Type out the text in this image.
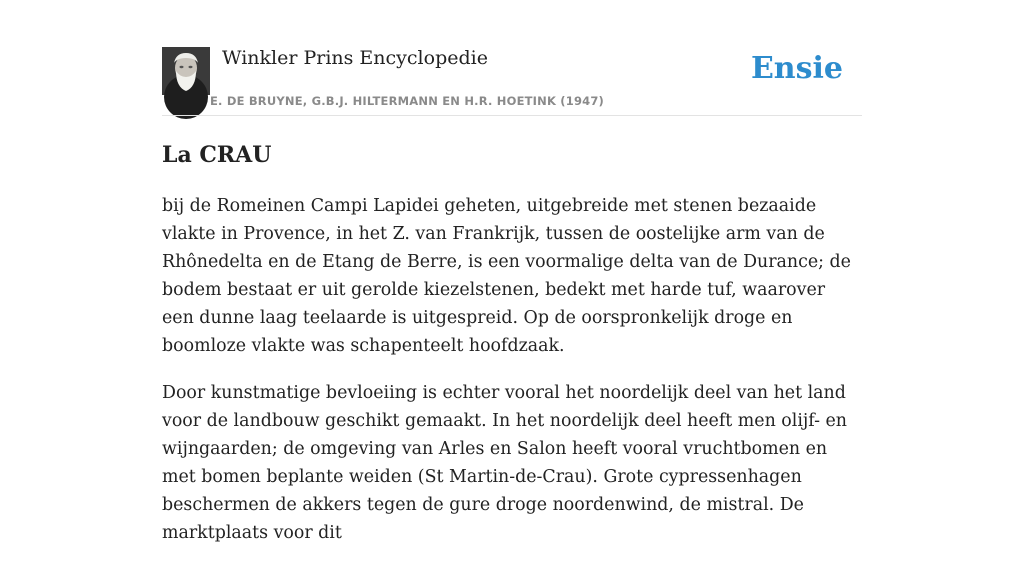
Winkler Prins Encyclopedie
E. DE BRUYNE, G.B.J. HILTERMANN EN H.R. HOETINK (1947)
Ensie
La CRAU

bij de Romeinen Campi Lapidei geheten, uitgebreide met stenen bezaaide vlakte in Provence, in het Z. van Frankrijk, tussen de oostelijke arm van de Rhônedelta en de Etang de Berre, is een voormalige delta van de Durance; de bodem bestaat er uit gerolde kiezelstenen, bedekt met harde tuf, waarover een dunne laag teelaarde is uitgespreid. Op de oorspronkelijk droge en boomloze vlakte was schapenteelt hoofdzaak.

Door kunstmatige bevloeiing is echter vooral het noordelijk deel van het land voor de landbouw geschikt gemaakt. In het noordelijk deel heeft men olijf- en wijngaarden; de omgeving van Arles en Salon heeft vooral vruchtbomen en met bomen beplante weiden (St Martin-de-Crau). Grote cypressenhagen beschermen de akkers tegen de gure droge noordenwind, de mistral. De marktplaats voor dit
